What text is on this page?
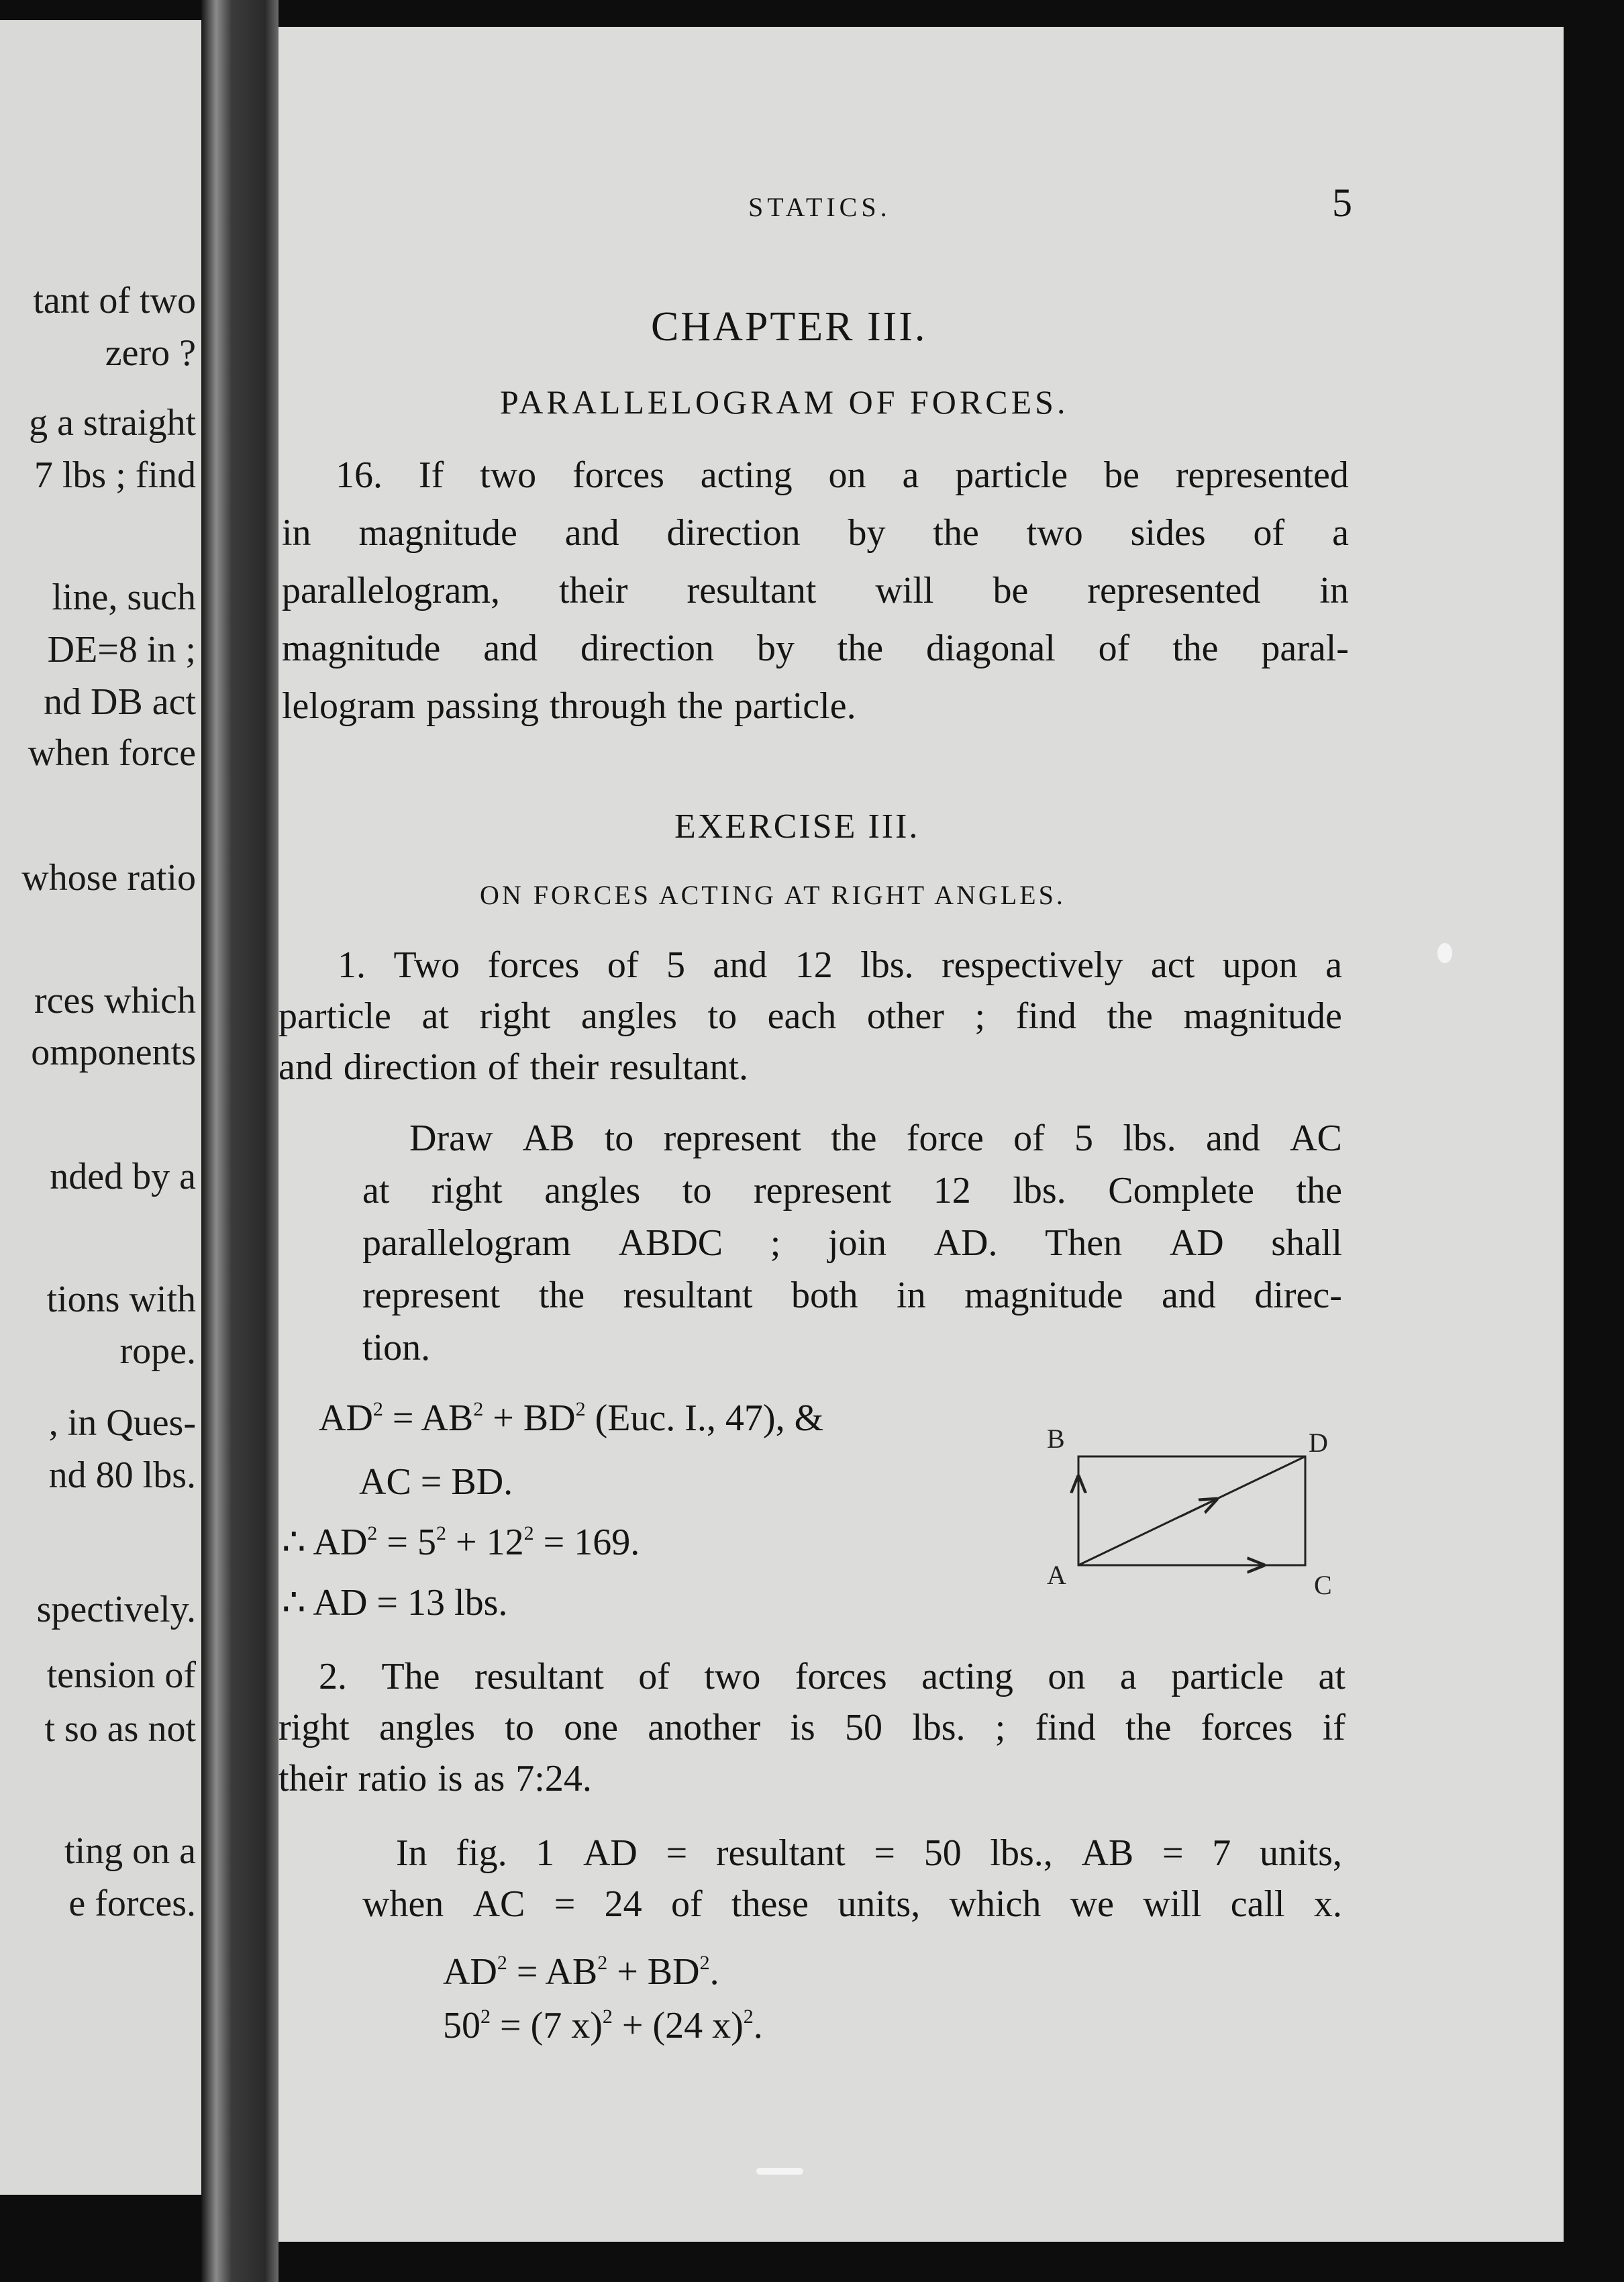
tant of two
zero ?
g a straight
7 lbs ; find
line, such
DE=8 in ;
nd DB act
when force
whose ratio
rces which
omponents
nded by a
tions with
rope.
, in Ques-
nd 80 lbs.
spectively.
tension of
t so as not
ting on a
e forces.
STATICS.	5
CHAPTER III.
PARALLELOGRAM OF FORCES.
16. If two forces acting on a particle be represented
in magnitude and direction by the two sides of a
parallelogram, their resultant will be represented in
magnitude and direction by the diagonal of the paral-
lelogram passing through the particle.
EXERCISE III.
ON FORCES ACTING AT RIGHT ANGLES.
1. Two forces of 5 and 12 lbs. respectively act upon a
particle at right angles to each other ; find the magnitude
and direction of their resultant.
Draw AB to represent the force of 5 lbs. and AC
at right angles to represent 12 lbs. Complete the
parallelogram ABDC ; join AD. Then AD shall
represent the resultant both in magnitude and direc-
tion.
$AD^2 = AB^2 + BD^2$ (Euc. I., 47), &
AC = BD.
∴ $AD^2 = 5^2 + 12^2 = 169$.
∴ AD = 13 lbs.
B	D
A	C
2. The resultant of two forces acting on a particle at
right angles to one another is 50 lbs. ; find the forces if
their ratio is as 7:24.
In fig. 1 AD = resultant = 50 lbs., AB = 7 units,
when AC = 24 of these units, which we will call x.
$AD^2 = AB^2 + BD^2$.
$50^2 = (7$ x)$^2$ + (24 x)$^2$.
